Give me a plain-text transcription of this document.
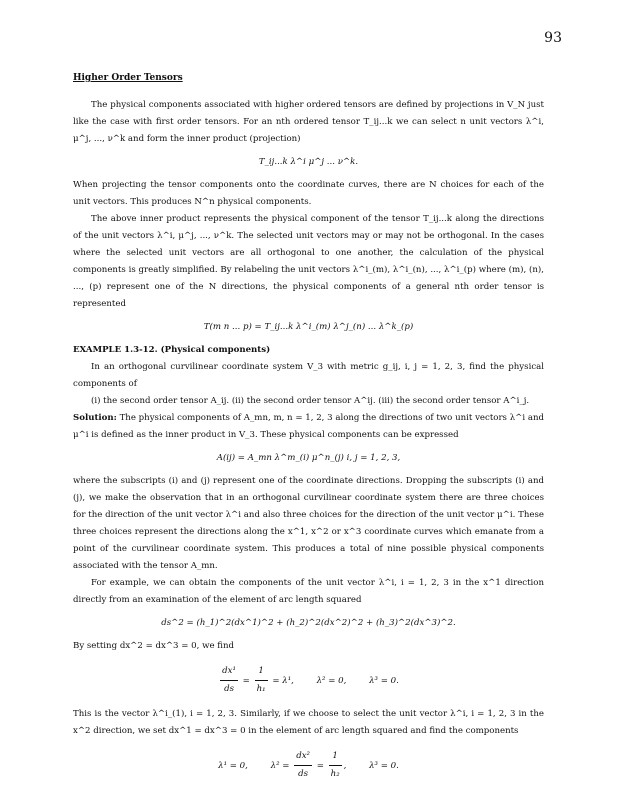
93
Higher Order Tensors

The physical components associated with higher ordered tensors are defined by projections in V_N just like the case with first order tensors. For an nth ordered tensor T_ij...k we can select n unit vectors λ^i, μ^j, ..., ν^k and form the inner product (projection)

T_ij...k λ^i μ^j ... ν^k.

When projecting the tensor components onto the coordinate curves, there are N choices for each of the unit vectors. This produces N^n physical components.

The above inner product represents the physical component of the tensor T_ij...k along the directions of the unit vectors λ^i, μ^j, ..., ν^k. The selected unit vectors may or may not be orthogonal. In the cases where the selected unit vectors are all orthogonal to one another, the calculation of the physical components is greatly simplified. By relabeling the unit vectors λ^i_(m), λ^i_(n), ..., λ^i_(p) where (m), (n), ..., (p) represent one of the N directions, the physical components of a general nth order tensor is represented

T(m n ... p) = T_ij...k λ^i_(m) λ^j_(n) ... λ^k_(p)
EXAMPLE 1.3-12. (Physical components)

In an orthogonal curvilinear coordinate system V_3 with metric g_ij, i, j = 1, 2, 3, find the physical components of

(i) the second order tensor A_ij. (ii) the second order tensor A^ij. (iii) the second order tensor A^i_j.

Solution: The physical components of A_mn, m, n = 1, 2, 3 along the directions of two unit vectors λ^i and μ^i is defined as the inner product in V_3. These physical components can be expressed

A(ij) = A_mn λ^m_(i) μ^n_(j) i, j = 1, 2, 3,

where the subscripts (i) and (j) represent one of the coordinate directions. Dropping the subscripts (i) and (j), we make the observation that in an orthogonal curvilinear coordinate system there are three choices for the direction of the unit vector λ^i and also three choices for the direction of the unit vector μ^i. These three choices represent the directions along the x^1, x^2 or x^3 coordinate curves which emanate from a point of the curvilinear coordinate system. This produces a total of nine possible physical components associated with the tensor A_mn.

For example, we can obtain the components of the unit vector λ^i, i = 1, 2, 3 in the x^1 direction directly from an examination of the element of arc length squared

ds^2 = (h_1)^2(dx^1)^2 + (h_2)^2(dx^2)^2 + (h_3)^2(dx^3)^2.

By setting dx^2 = dx^3 = 0, we find

$\frac{\text{dx¹}}{ds} = \frac{1}{\text{h₁}} = \lambda^1$,	λ² = 0,	λ³ = 0.

This is the vector λ^i_(1), i = 1, 2, 3. Similarly, if we choose to select the unit vector λ^i, i = 1, 2, 3 in the x^2 direction, we set dx^1 = dx^3 = 0 in the element of arc length squared and find the components

λ¹ = 0,	$\lambda^2 = \frac{\text{dx²}}{ds} = \frac{1}{\text{h₂}}$ ,	λ³ = 0.
